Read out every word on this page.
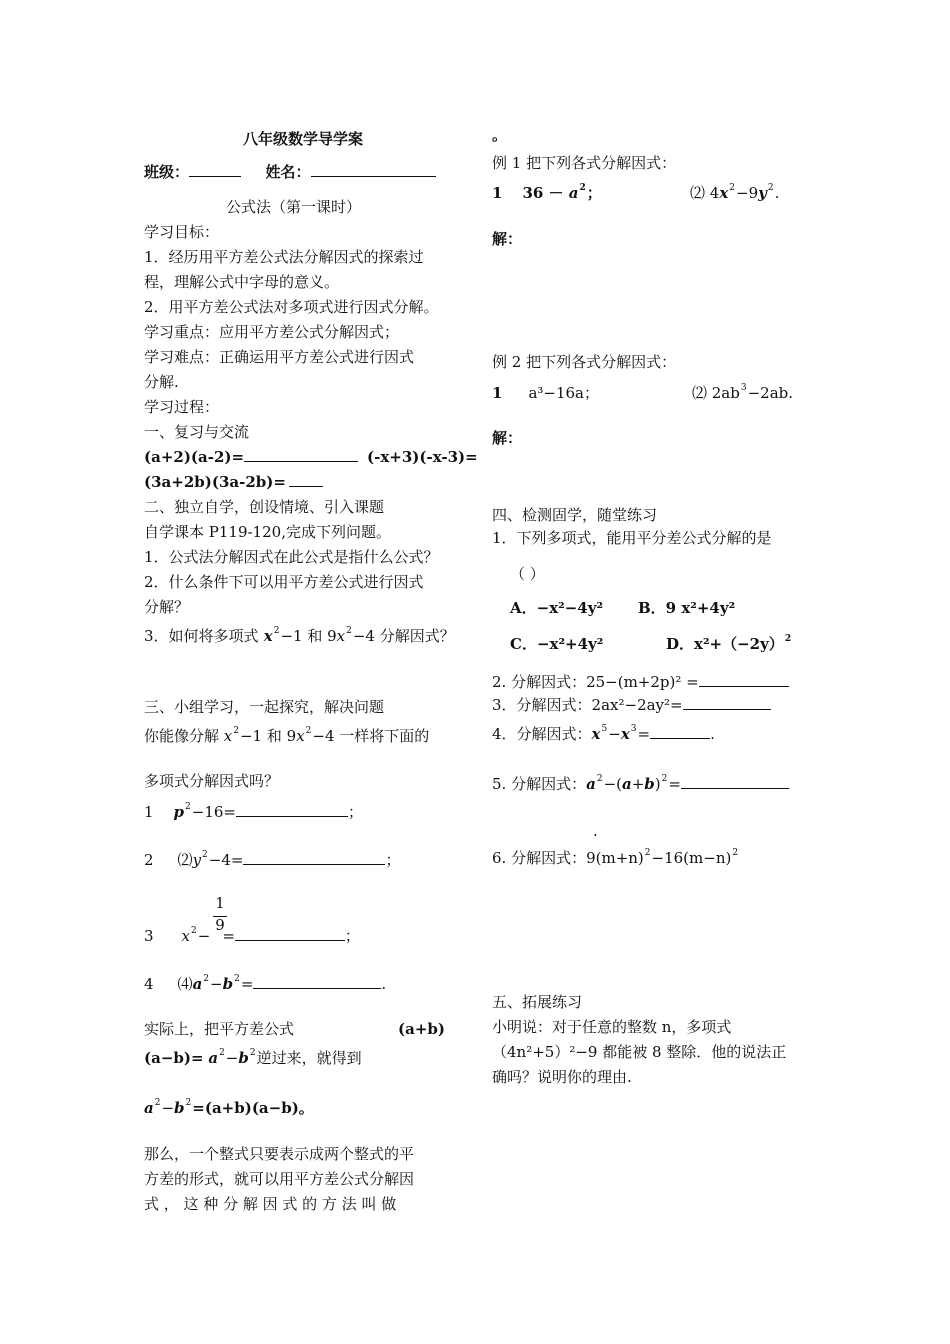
八年级数学导学案
班级：	姓名：
公式法（第一课时）
学习目标：
1．经历用平方差公式法分解因式的探索过
程，理解公式中字母的意义。
2．用平方差公式法对多项式进行因式分解。
学习重点：应用平方差公式分解因式；
学习难点：正确运用平方差公式进行因式
分解.
学习过程：
一、复习与交流
(a+2)(a-2)=	(-x+3)(-x-3)=
(3a+2b)(3a-2b)=
二、独立自学，创设情境、引入课题
自学课本 P119-120,完成下列问题。
1．公式法分解因式在此公式是指什么公式？
2．什么条件下可以用平方差公式进行因式
分解？
3．如何将多项式 $x^2-1$ 和 $9x^2-4$ 分解因式？
三、小组学习，一起探究，解决问题
你能像分解 $x^2-1$ 和 $9x^2-4$ 一样将下面的
多项式分解因式吗？
1 $p^2-16=$	；
2 $⑵y^2-4=$	；
1
9
3 $x^2-$ =	；
4 $⑷a^2-b^2=$	.
实际上，把平方差公式	(a+b)
$(a-b)= a^2-b^2$逆过来，就得到
$a^2-b^2=(a+b)(a-b)$。
那么，一个整式只要表示成两个整式的平
方差的形式，就可以用平方差公式分解因
式 ， 这 种 分 解 因 式 的 方 法 叫 做
。
例 1 把下列各式分解因式：
1 $36 - a^2$；	⑵ $4x^2-9y^2$.
解：
例 2 把下列各式分解因式：
1 a³−16a；	⑵ $2ab^3-2ab$.
解：
四、检测固学，随堂练习
1．下列多项式，能用平分差公式分解的是
（ ）
A．−x²−4y² B．9 x²+4y²
C．−x²+4y²	D．$x^2+(-2y)^2$
2. 分解因式：25−(m+2p)² =
3．分解因式：2ax²−2ay²=
4．分解因式：$x^5-x^3=$	.
5. 分解因式：$a^2-(a+b)^2=$
.
6. 分解因式：$9(m+n)^2-16(m-n)^2$
五、拓展练习
小明说：对于任意的整数 n，多项式
（4n²+5）²−9 都能被 8 整除．他的说法正
确吗？说明你的理由.
